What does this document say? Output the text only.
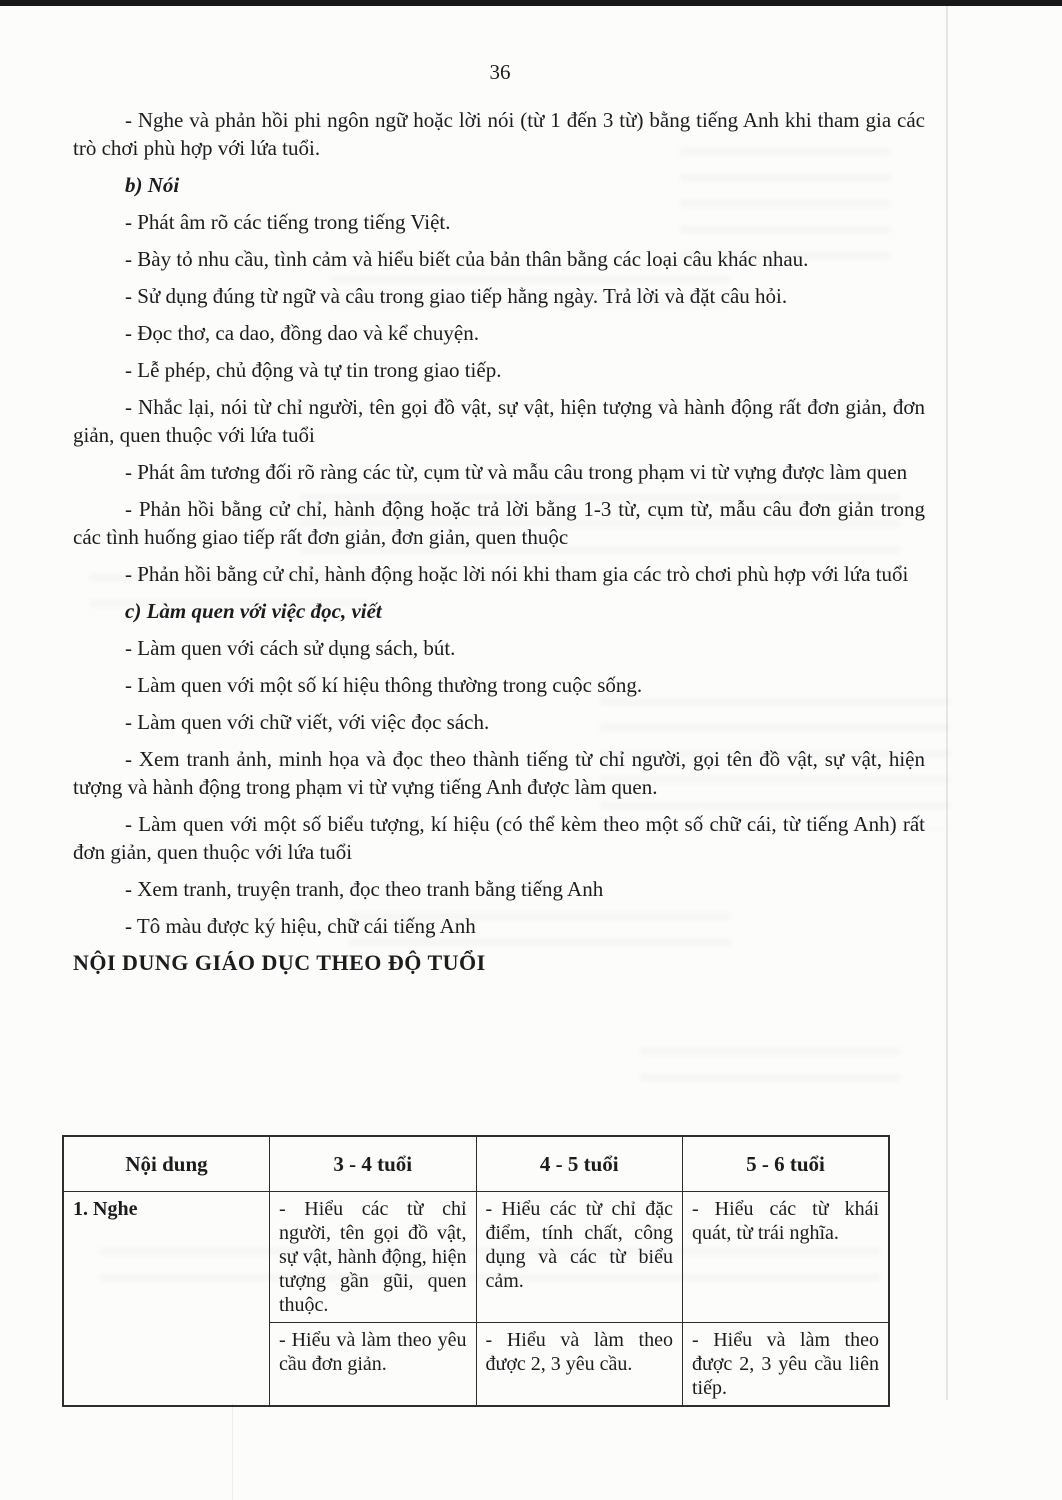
36

- Nghe và phản hồi phi ngôn ngữ hoặc lời nói (từ 1 đến 3 từ) bằng tiếng Anh khi tham gia các trò chơi phù hợp với lứa tuổi.

b) Nói

- Phát âm rõ các tiếng trong tiếng Việt.

- Bày tỏ nhu cầu, tình cảm và hiểu biết của bản thân bằng các loại câu khác nhau.

- Sử dụng đúng từ ngữ và câu trong giao tiếp hằng ngày. Trả lời và đặt câu hỏi.

- Đọc thơ, ca dao, đồng dao và kể chuyện.

- Lễ phép, chủ động và tự tin trong giao tiếp.

- Nhắc lại, nói từ chỉ người, tên gọi đồ vật, sự vật, hiện tượng và hành động rất đơn giản, đơn giản, quen thuộc với lứa tuổi

- Phát âm tương đối rõ ràng các từ, cụm từ và mẫu câu trong phạm vi từ vựng được làm quen

- Phản hồi bằng cử chỉ, hành động hoặc trả lời bằng 1-3 từ, cụm từ, mẫu câu đơn giản trong các tình huống giao tiếp rất đơn giản, đơn giản, quen thuộc

- Phản hồi bằng cử chỉ, hành động hoặc lời nói khi tham gia các trò chơi phù hợp với lứa tuổi

c) Làm quen với việc đọc, viết

- Làm quen với cách sử dụng sách, bút.

- Làm quen với một số kí hiệu thông thường trong cuộc sống.

- Làm quen với chữ viết, với việc đọc sách.

- Xem tranh ảnh, minh họa và đọc theo thành tiếng từ chỉ người, gọi tên đồ vật, sự vật, hiện tượng và hành động trong phạm vi từ vựng tiếng Anh được làm quen.

- Làm quen với một số biểu tượng, kí hiệu (có thể kèm theo một số chữ cái, từ tiếng Anh) rất đơn giản, quen thuộc với lứa tuổi

- Xem tranh, truyện tranh, đọc theo tranh bằng tiếng Anh

- Tô màu được ký hiệu, chữ cái tiếng Anh

NỘI DUNG GIÁO DỤC THEO ĐỘ TUỔI

Nội dung	3 - 4 tuổi	4 - 5 tuổi	5 - 6 tuổi
1. Nghe	- Hiểu các từ chỉ người, tên gọi đồ vật, sự vật, hành động, hiện tượng gần gũi, quen thuộc.	- Hiểu các từ chỉ đặc điểm, tính chất, công dụng và các từ biểu cảm.	- Hiểu các từ khái quát, từ trái nghĩa.
	- Hiểu và làm theo yêu cầu đơn giản.	- Hiểu và làm theo được 2, 3 yêu cầu.	- Hiểu và làm theo được 2, 3 yêu cầu liên tiếp.
